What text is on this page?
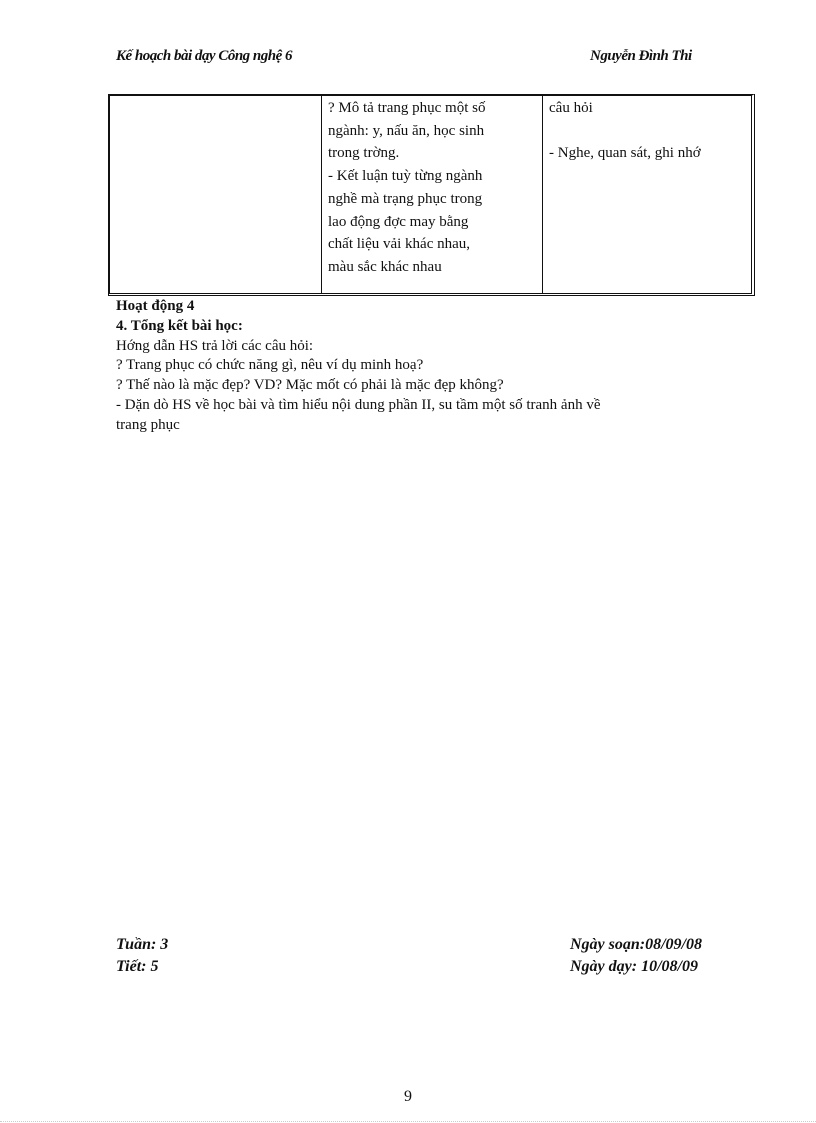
Kế hoạch bài dạy Công nghệ 6	Nguyễn Đình Thi
? Mô tả trang phục một số
ngành: y, nấu ăn, học sinh
trong trờng.
- Kết luận tuỳ từng ngành
nghề mà trạng phục trong
lao động đợc may bằng
chất liệu vải khác nhau,
màu sắc khác nhau
câu hỏi
- Nghe, quan sát, ghi nhớ
Hoạt động 4
4. Tổng kết bài học:
Hớng dẫn HS trả lời các câu hỏi:
? Trang phục có chức năng gì, nêu ví dụ minh hoạ?
? Thế nào là mặc đẹp? VD? Mặc mốt có phải là mặc đẹp không?
- Dặn dò HS về học bài và tìm hiểu nội dung phần II, su tầm một số tranh ảnh về
trang phục
Tuần: 3
Tiết: 5
Ngày soạn:08/09/08
Ngày dạy: 10/08/09
9
